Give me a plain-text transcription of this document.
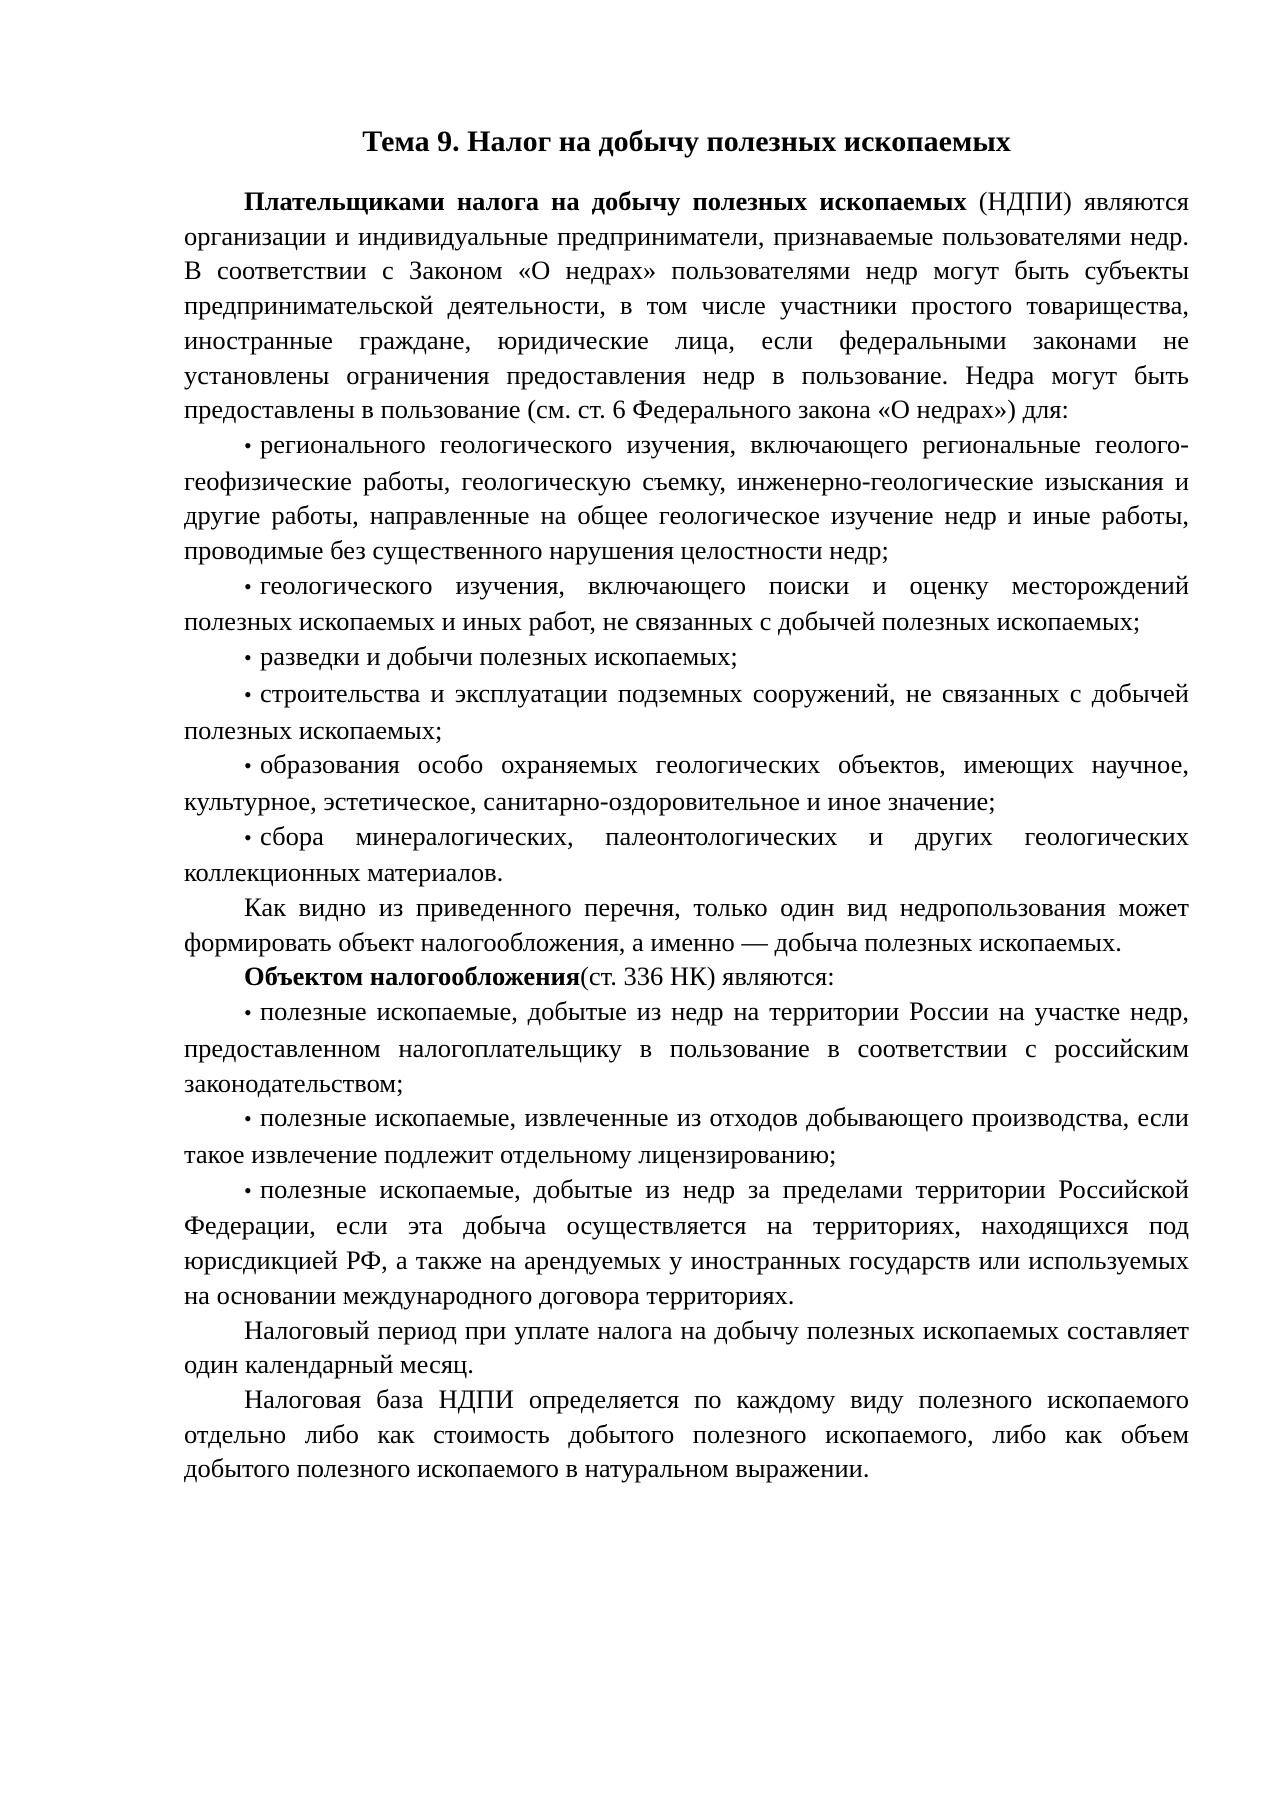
Тема 9. Налог на добычу полезных ископаемых

Плательщиками налога на добычу полезных ископаемых (НДПИ) являются организации и индивидуальные предприниматели, признаваемые пользователями недр. В соответствии с Законом «О недрах» пользователями недр могут быть субъекты предпринимательской деятельности, в том числе участники простого товарищества, иностранные граждане, юридические лица, если федеральными законами не установлены ограничения предоставления недр в пользование. Недра могут быть предоставлены в пользование (см. ст. 6 Федерального закона «О недрах») для:

• регионального геологического изучения, включающего региональные геолого-геофизические работы, геологическую съемку, инженерно-геологические изыскания и другие работы, направленные на общее геологическое изучение недр и иные работы, проводимые без существенного нарушения целостности недр;

• геологического изучения, включающего поиски и оценку месторождений полезных ископаемых и иных работ, не связанных с добычей полезных ископаемых;

• разведки и добычи полезных ископаемых;

• строительства и эксплуатации подземных сооружений, не связанных с добычей полезных ископаемых;

• образования особо охраняемых геологических объектов, имеющих научное, культурное, эстетическое, санитарно-оздоровительное и иное значение;

• сбора минералогических, палеонтологических и других геологических коллекционных материалов.

Как видно из приведенного перечня, только один вид недропользования может формировать объект налогообложения, а именно — добыча полезных ископаемых.

Объектом налогообложения(ст. 336 НК) являются:

• полезные ископаемые, добытые из недр на территории России на участке недр, предоставленном налогоплательщику в пользование в соответствии с российским законодательством;

• полезные ископаемые, извлеченные из отходов добывающего производства, если такое извлечение подлежит отдельному лицензированию;

• полезные ископаемые, добытые из недр за пределами территории Российской Федерации, если эта добыча осуществляется на территориях, находящихся под юрисдикцией РФ, а также на арендуемых у иностранных государств или используемых на основании международного договора территориях.

Налоговый период при уплате налога на добычу полезных ископаемых составляет один календарный месяц.

Налоговая база НДПИ определяется по каждому виду полезного ископаемого отдельно либо как стоимость добытого полезного ископаемого, либо как объем добытого полезного ископаемого в натуральном выражении.
